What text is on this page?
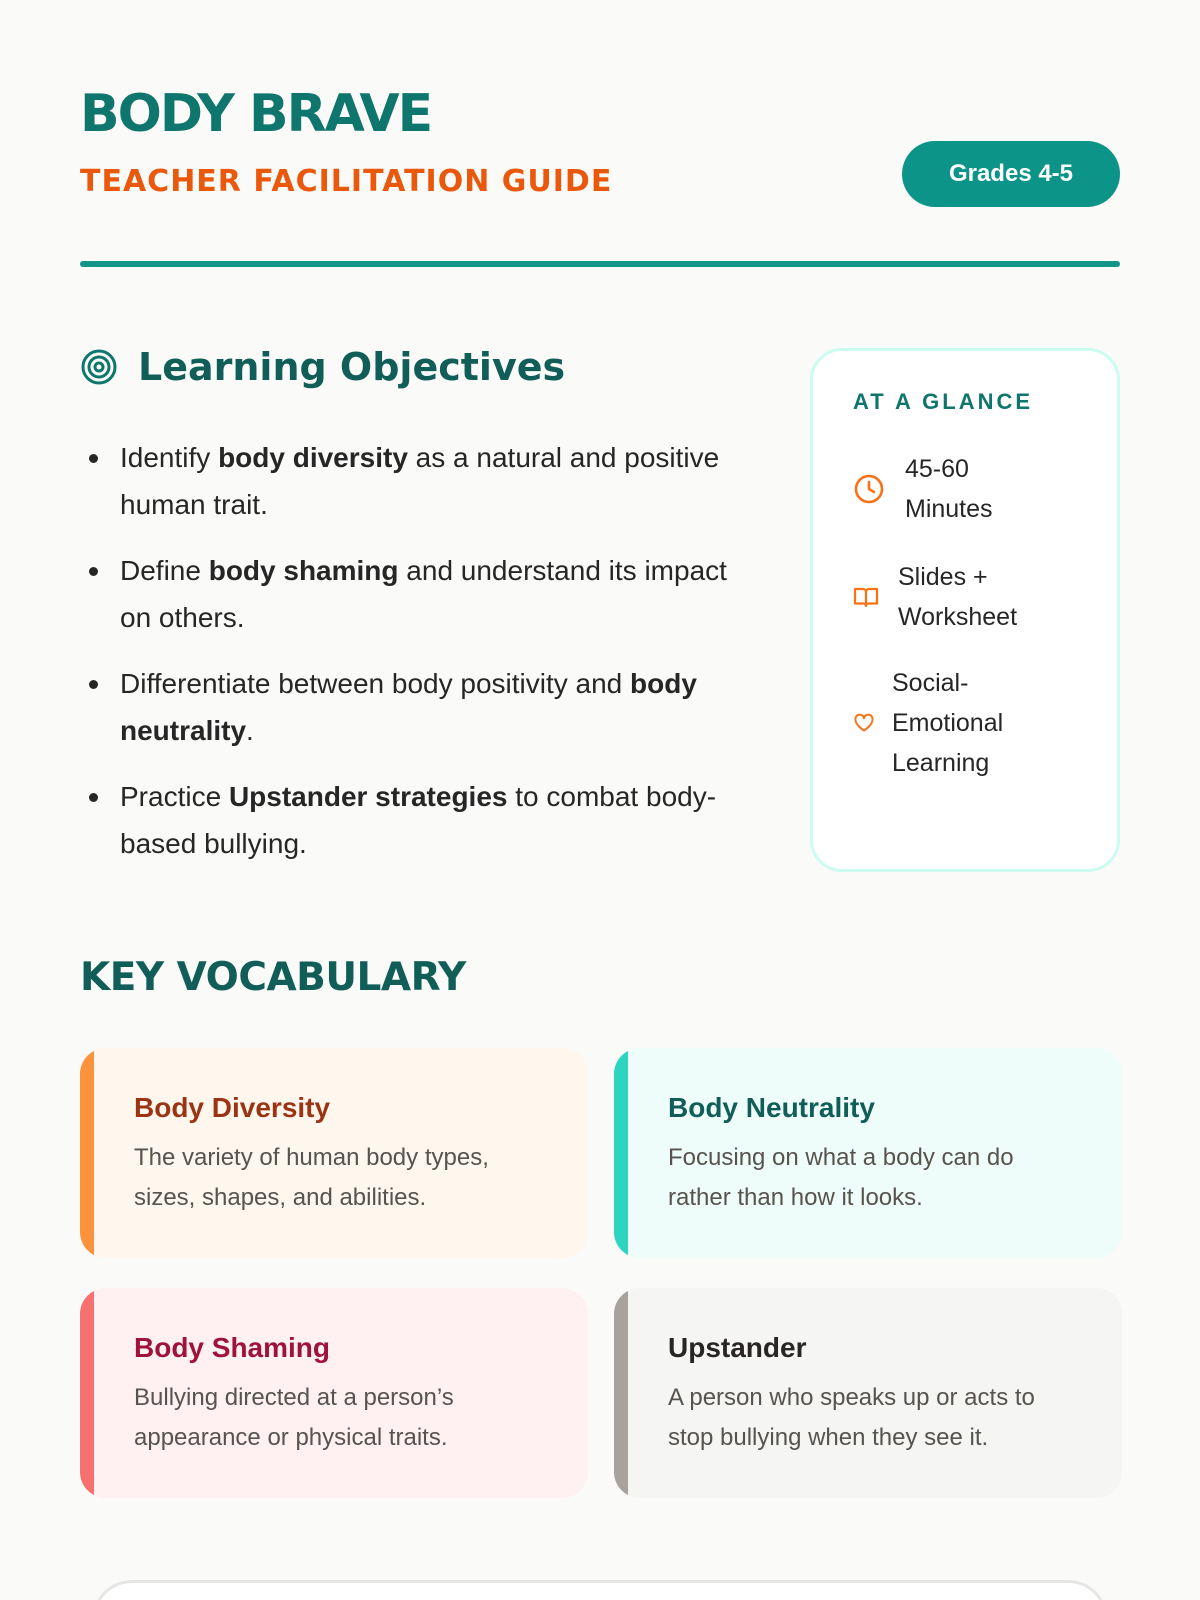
BODY BRAVE
TEACHER FACILITATION GUIDE	Grades 4-5
Learning Objectives
Identify body diversity as a natural and positive human trait.
Define body shaming and understand its impact on others.
Differentiate between body positivity and body neutrality.
Practice Upstander strategies to combat body-based bullying.
AT A GLANCE
45-60
Minutes
Slides +
Worksheet
Social-
Emotional
Learning
KEY VOCABULARY
Body Diversity
The variety of human body types, sizes, shapes, and abilities.
Body Neutrality
Focusing on what a body can do rather than how it looks.
Body Shaming
Bullying directed at a person’s appearance or physical traits.
Upstander
A person who speaks up or acts to stop bullying when they see it.
